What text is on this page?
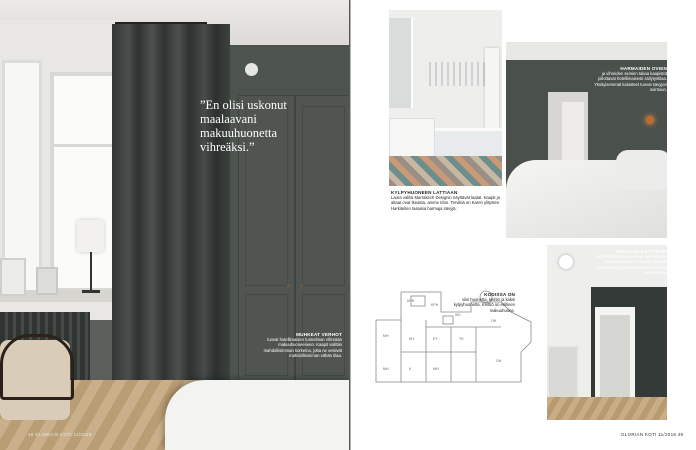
”En olisi uskonut maalaavani makuuhuonetta vihreäksi.”
MUHKEAT VERHOT
luovat hotellimaisen tunnelman vihreään makuuhuoneeseen. Kaapit valittiin mahdollisimman korkeina, jotta ne veisivät mahdollisimman vähän tilaa.
48 GLORIA'N KOTI 11/2018
KYLPYHUONEEN LATTIAAN
Laura valitsi Marrakech Designin näyttävät laatat. Kaapit ja altaat ovat Ikeasta, amme Idon. Tervikiä on Karen ylitysten Harkitellen tasaisia harmaja sävyjä.
HARMAIDEN OVIEN
ja vihreiden seinien takaa kaapistot piilottavat hotellimaisesti säilytystilaa. Yksityisemmät kalusteet tuovat sävyjen sointuun.
VANHAAN KEITTIÖÖN
sisustettiin huone perheen pienimmille. Mustaa sävyä on käytetty useissa kalusteissa ja lastenhuoneessa. Kaiutin on Muurame.
KPH
KPH
MH
MH
WC
ET
KH
OH
TK
K	MH
OH
KODISSA ON
viisi huonetta, keittiö ja kaksi kylpyhuonetta. Keittiö on erillinen makuuhuone.
GLORIAN KOTI 11/2018 49
